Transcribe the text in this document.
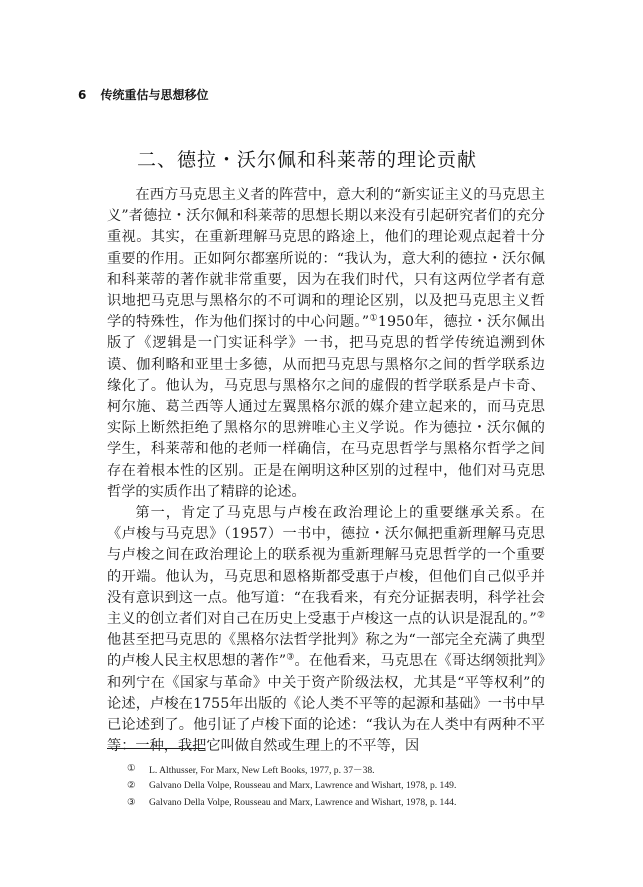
6 传统重估与思想移位
二、德拉・沃尔佩和科莱蒂的理论贡献

在西方马克思主义者的阵营中，意大利的“新实证主义的马克思主义”者德拉・沃尔佩和科莱蒂的思想长期以来没有引起研究者们的充分重视。其实，在重新理解马克思的路途上，他们的理论观点起着十分重要的作用。正如阿尔都塞所说的：“我认为，意大利的德拉・沃尔佩和科莱蒂的著作就非常重要，因为在我们时代，只有这两位学者有意识地把马克思与黑格尔的不可调和的理论区别，以及把马克思主义哲学的特殊性，作为他们探讨的中心问题。”①1950年，德拉・沃尔佩出版了《逻辑是一门实证科学》一书，把马克思的哲学传统追溯到休谟、伽利略和亚里士多德，从而把马克思与黑格尔之间的哲学联系边缘化了。他认为，马克思与黑格尔之间的虚假的哲学联系是卢卡奇、柯尔施、葛兰西等人通过左翼黑格尔派的媒介建立起来的，而马克思实际上断然拒绝了黑格尔的思辨唯心主义学说。作为德拉・沃尔佩的学生，科莱蒂和他的老师一样确信，在马克思哲学与黑格尔哲学之间存在着根本性的区别。正是在阐明这种区别的过程中，他们对马克思哲学的实质作出了精辟的论述。

第一，肯定了马克思与卢梭在政治理论上的重要继承关系。在《卢梭与马克思》（1957）一书中，德拉・沃尔佩把重新理解马克思与卢梭之间在政治理论上的联系视为重新理解马克思哲学的一个重要的开端。他认为，马克思和恩格斯都受惠于卢梭，但他们自己似乎并没有意识到这一点。他写道：“在我看来，有充分证据表明，科学社会主义的创立者们对自己在历史上受惠于卢梭这一点的认识是混乱的。”②他甚至把马克思的《黑格尔法哲学批判》称之为“一部完全充满了典型的卢梭人民主权思想的著作”③。在他看来，马克思在《哥达纲领批判》和列宁在《国家与革命》中关于资产阶级法权，尤其是“平等权利”的论述，卢梭在1755年出版的《论人类不平等的起源和基础》一书中早已论述到了。他引证了卢梭下面的论述：“我认为在人类中有两种不平等：一种，我把它叫做自然或生理上的不平等，因

①	L. Althusser, For Marx, New Left Books, 1977, p. 37－38.
②	Galvano Della Volpe, Rousseau and Marx, Lawrence and Wishart, 1978, p. 149.
③	Galvano Della Volpe, Rousseau and Marx, Lawrence and Wishart, 1978, p. 144.
